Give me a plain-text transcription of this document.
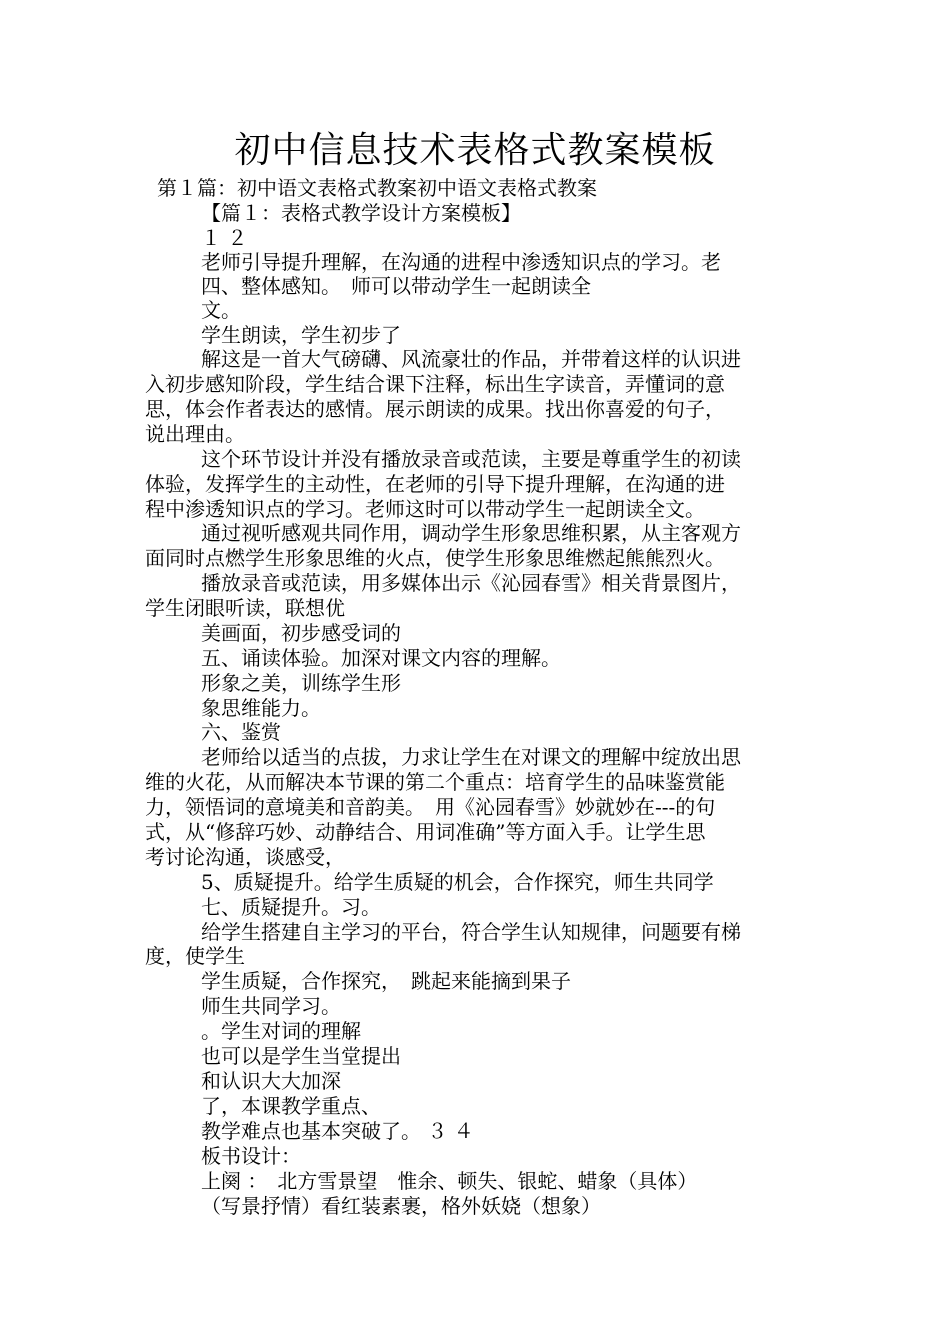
初中信息技术表格式教案模板
第１篇：初中语文表格式教案初中语文表格式教案
【篇１：表格式教学设计方案模板】
１ ２
老师引导提升理解，在沟通的进程中渗透知识点的学习。老
四、整体感知。　师可以带动学生一起朗读全
文。
学生朗读，学生初步了
解这是一首大气磅礴、风流豪壮的作品，并带着这样的认识进
入初步感知阶段，学生结合课下注释，标出生字读音，弄懂词的意
思，体会作者表达的感情。展示朗读的成果。找出你喜爱的句子，
说出理由。
这个环节设计并没有播放录音或范读，主要是尊重学生的初读
体验，发挥学生的主动性，在老师的引导下提升理解，在沟通的进
程中渗透知识点的学习。老师这时可以带动学生一起朗读全文。
通过视听感观共同作用，调动学生形象思维积累，从主客观方
面同时点燃学生形象思维的火点，使学生形象思维燃起熊熊烈火。
播放录音或范读，用多媒体出示《沁园春雪》相关背景图片，
学生闭眼听读，联想优
美画面，初步感受词的
五、诵读体验。加深对课文内容的理解。
形象之美，训练学生形
象思维能力。
六、鉴赏
老师给以适当的点拔，力求让学生在对课文的理解中绽放出思
维的火花，从而解决本节课的第二个重点：培育学生的品味鉴赏能
力，领悟词的意境美和音韵美。　用《沁园春雪》妙就妙在---的句
式，从“修辞巧妙、动静结合、用词准确”等方面入手。让学生思
考讨论沟通，谈感受，
5、质疑提升。给学生质疑的机会，合作探究，师生共同学
七、质疑提升。习。
给学生搭建自主学习的平台，符合学生认知规律，问题要有梯
度，使学生
学生质疑，合作探究，　跳起来能摘到果子
师生共同学习。
。学生对词的理解
也可以是学生当堂提出
和认识大大加深
了，本课教学重点、
教学难点也基本突破了。 ３ ４
板书设计：
上阕 ：　北方雪景望　惟余、顿失、银蛇、蜡象（具体）
（写景抒情）看红装素裹，格外妖娆（想象）
